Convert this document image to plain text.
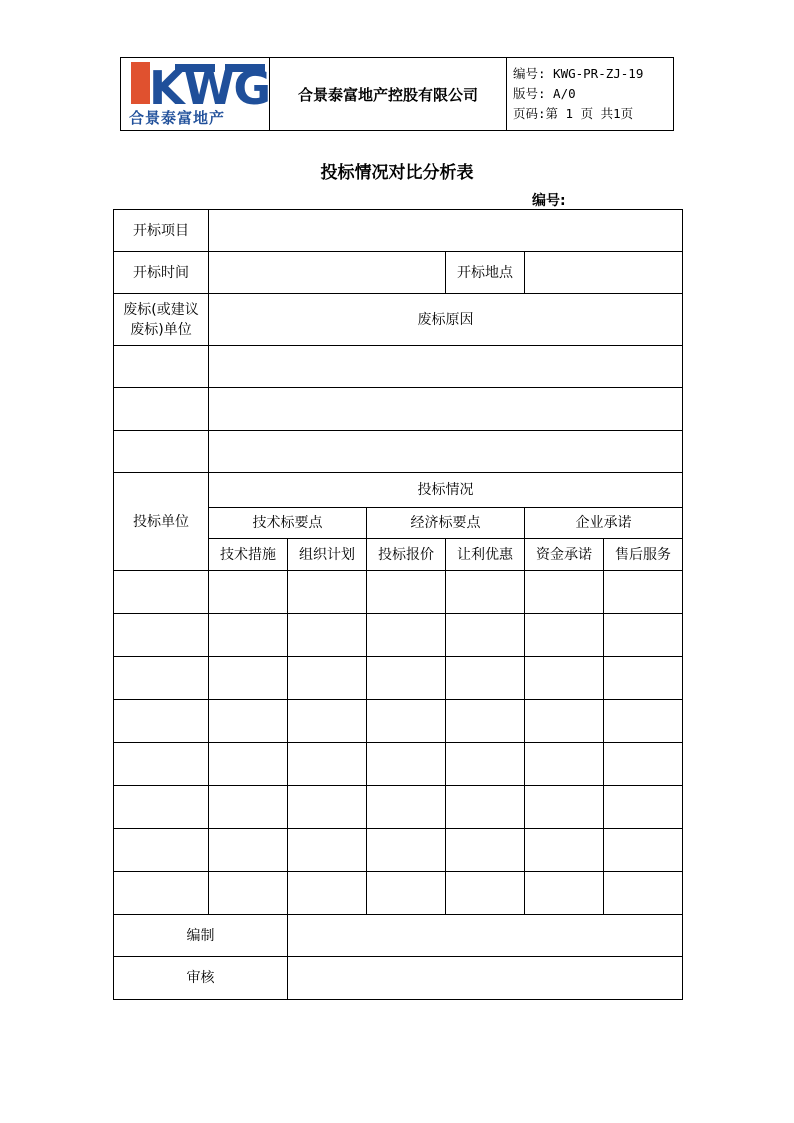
KWG
合景泰富地产
	合景泰富地产控股有限公司	
编号: KWG-PR-ZJ-19
版号: A/0
页码:第 1 页 共1页
投标情况对比分析表
编号:
开标项目						
开标时间				开标地点		
废标(或建议废标)单位	废标原因					

投标单位	投标情况					
	技术标要点		经济标要点		企业承诺	
	技术措施	组织计划	投标报价	让利优惠	资金承诺	售后服务

编制						
审核						
